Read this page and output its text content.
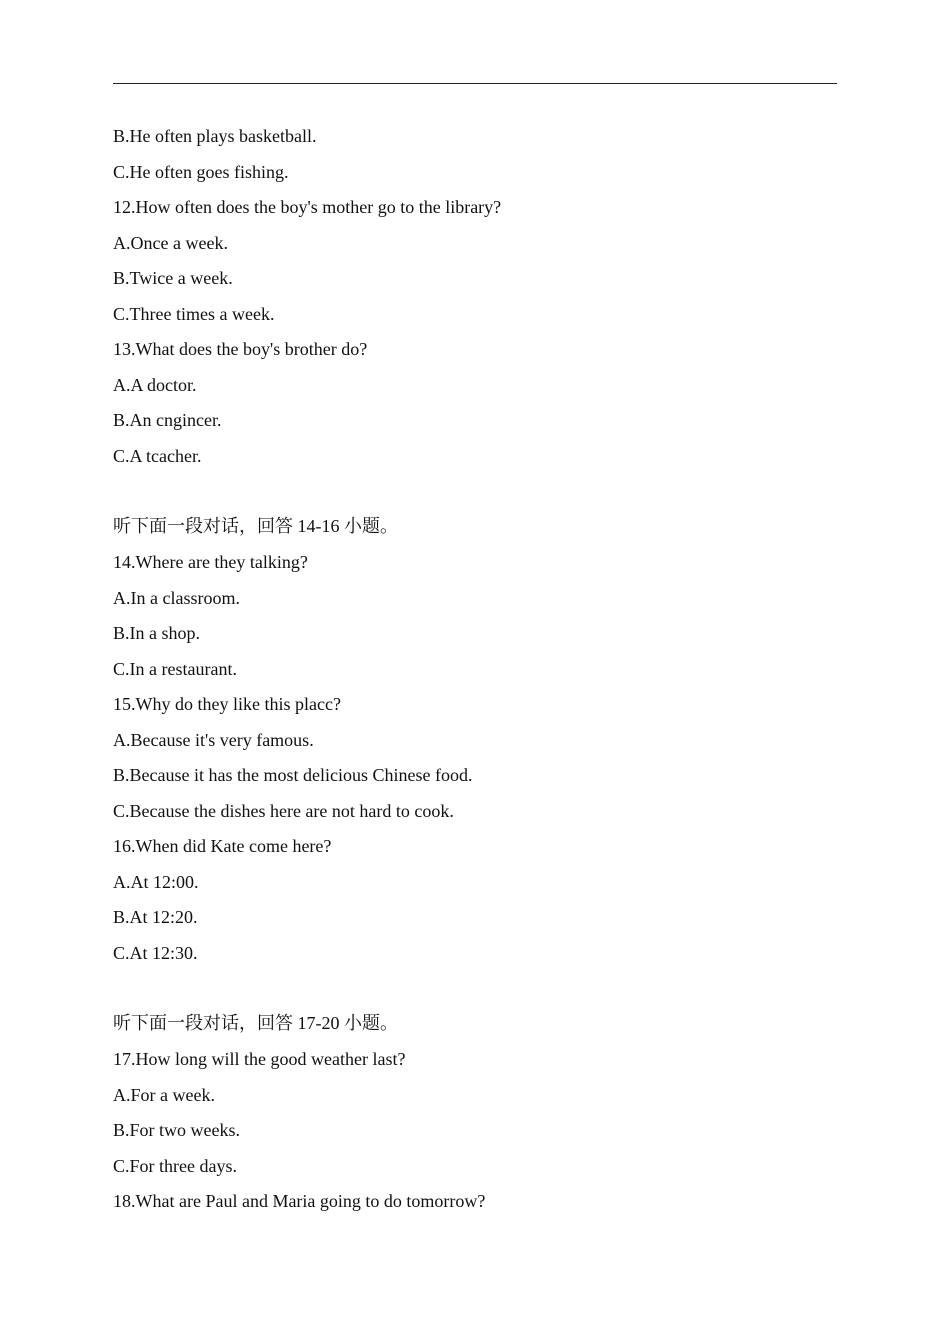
B.He often plays basketball.
C.He often goes fishing.
12.How often does the boy's mother go to the library?
A.Once a week.
B.Twice a week.
C.Three times a week.
13.What does the boy's brother do?
A.A doctor.
B.An cngincer.
C.A tcacher.
听下面一段对话，回答 14-16 小题。
14.Where are they talking?
A.In a classroom.
B.In a shop.
C.In a restaurant.
15.Why do they like this placc?
A.Because it's very famous.
B.Because it has the most delicious Chinese food.
C.Because the dishes here are not hard to cook.
16.When did Kate come here?
A.At 12:00.
B.At 12:20.
C.At 12:30.
听下面一段对话，回答 17-20 小题。
17.How long will the good weather last?
A.For a week.
B.For two weeks.
C.For three days.
18.What are Paul and Maria going to do tomorrow?
